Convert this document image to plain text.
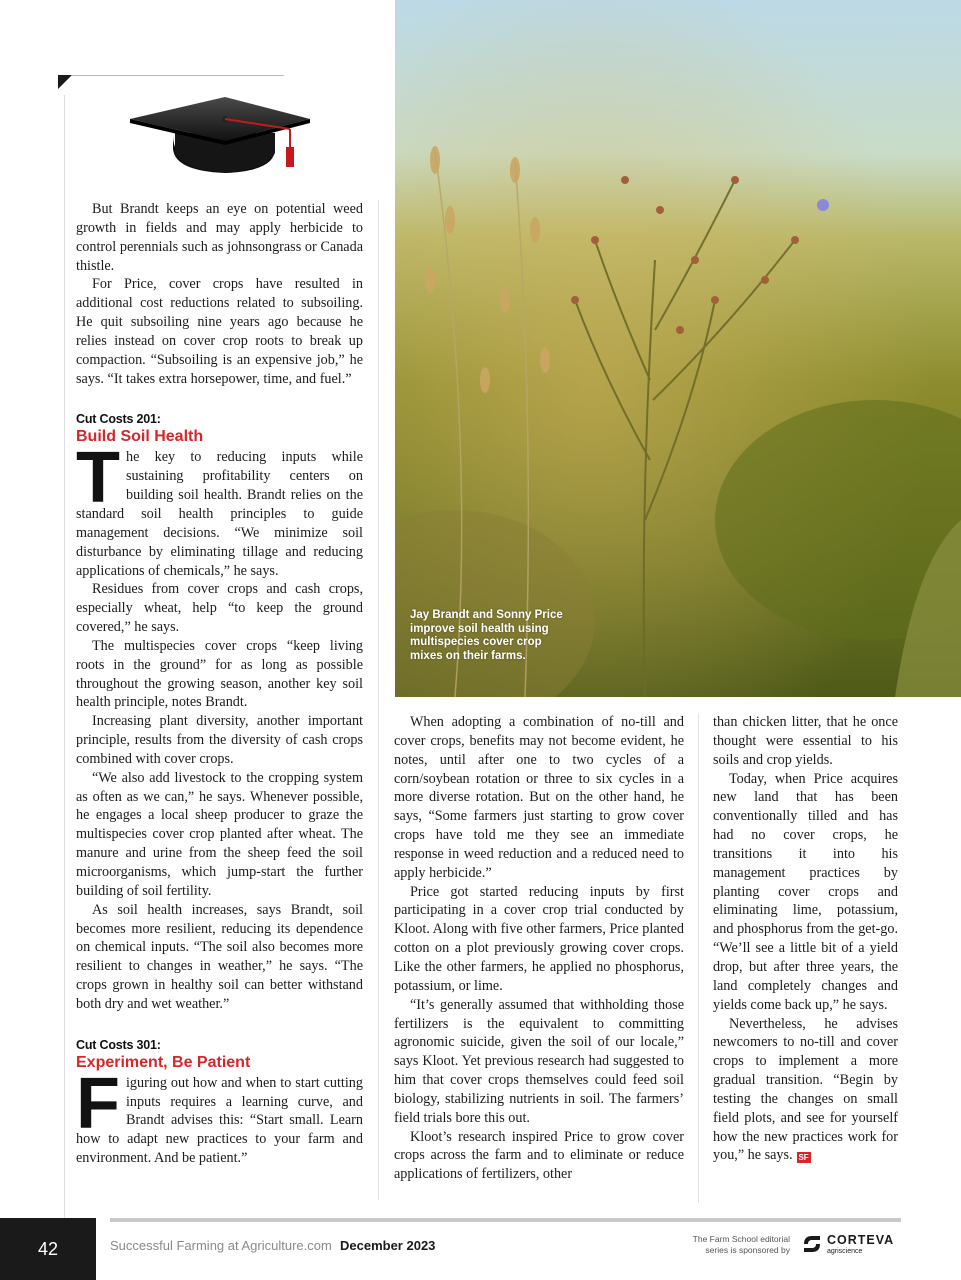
Jay Brandt and Sonny Price improve soil health using multispecies cover crop mixes on their farms.

But Brandt keeps an eye on potential weed growth in fields and may apply herbicide to control perennials such as johnsongrass or Canada thistle.

For Price, cover crops have resulted in additional cost reductions related to subsoiling. He quit subsoiling nine years ago because he relies instead on cover crop roots to break up compaction. “Subsoiling is an expensive job,” he says. “It takes extra horsepower, time, and fuel.”

Cut Costs 201:
Build Soil Health

The key to reducing inputs while sustaining profitability centers on building soil health. Brandt relies on the standard soil health principles to guide management decisions. “We minimize soil disturbance by eliminating tillage and reducing applications of chemicals,” he says.

Residues from cover crops and cash crops, especially wheat, help “to keep the ground covered,” he says.

The multispecies cover crops “keep living roots in the ground” for as long as possible throughout the growing season, another key soil health principle, notes Brandt.

Increasing plant diversity, another important principle, results from the diversity of cash crops combined with cover crops.

“We also add livestock to the cropping system as often as we can,” he says. Whenever possible, he engages a local sheep producer to graze the multispecies cover crop planted after wheat. The manure and urine from the sheep feed the soil microorganisms, which jump-start the further building of soil fertility.

As soil health increases, says Brandt, soil becomes more resilient, reducing its dependence on chemical inputs. “The soil also becomes more resilient to changes in weather,” he says. “The crops grown in healthy soil can better withstand both dry and wet weather.”

Cut Costs 301:
Experiment, Be Patient

Figuring out how and when to start cutting inputs requires a learning curve, and Brandt advises this: “Start small. Learn how to adapt new practices to your farm and environment. And be patient.”

When adopting a combination of no-till and cover crops, benefits may not become evident, he notes, until after one to two cycles of a corn/soybean rotation or three to six cycles in a more diverse rotation. But on the other hand, he says, “Some farmers just starting to grow cover crops have told me they see an immediate response in weed reduction and a reduced need to apply herbicide.”

Price got started reducing inputs by first participating in a cover crop trial conducted by Kloot. Along with five other farmers, Price planted cotton on a plot previously growing cover crops. Like the other farmers, he applied no phosphorus, potassium, or lime.

“It’s generally assumed that withholding those fertilizers is the equivalent to committing agronomic suicide, given the soil of our locale,” says Kloot. Yet previous research had suggested to him that cover crops themselves could feed soil biology, stabilizing nutrients in soil. The farmers’ field trials bore this out.

Kloot’s research inspired Price to grow cover crops across the farm and to eliminate or reduce applications of fertilizers, other

than chicken litter, that he once thought were essential to his soils and crop yields.

Today, when Price acquires new land that has been conventionally tilled and has had no cover crops, he transitions it into his management practices by planting cover crops and eliminating lime, potassium, and phosphorus from the get-go. “We’ll see a little bit of a yield drop, but after three years, the land completely changes and yields come back up,” he says.

Nevertheless, he advises newcomers to no-till and cover crops to implement a more gradual transition. “Begin by testing the changes on small field plots, and see for yourself how the new practices work for you,” he says. SF

42	Successful Farming at Agriculture.com December 2023	The Farm School editorial
series is sponsored by
CORTEVA
agriscience
